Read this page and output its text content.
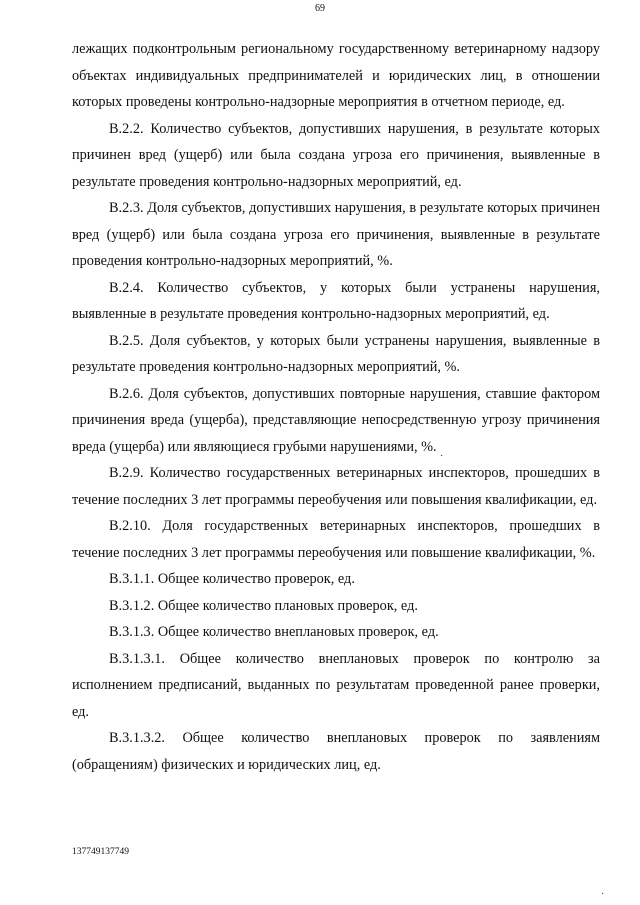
69

лежащих подконтрольным региональному государственному ветеринарному надзору объектах индивидуальных предпринимателей и юридических лиц, в отношении которых проведены контрольно-надзорные мероприятия в отчетном периоде, ед.

B.2.2. Количество субъектов, допустивших нарушения, в результате которых причинен вред (ущерб) или была создана угроза его причинения, выявленные в результате проведения контрольно-надзорных мероприятий, ед.

B.2.3. Доля субъектов, допустивших нарушения, в результате которых причинен вред (ущерб) или была создана угроза его причинения, выявленные в результате проведения контрольно-надзорных мероприятий, %.

B.2.4. Количество субъектов, у которых были устранены нарушения, выявленные в результате проведения контрольно-надзорных мероприятий, ед.

B.2.5. Доля субъектов, у которых были устранены нарушения, выявленные в результате проведения контрольно-надзорных мероприятий, %.

B.2.6. Доля субъектов, допустивших повторные нарушения, ставшие фактором причинения вреда (ущерба), представляющие непосредственную угрозу причинения вреда (ущерба) или являющиеся грубыми нарушениями, %.

B.2.9. Количество государственных ветеринарных инспекторов, прошедших в течение последних 3 лет программы переобучения или повышения квалификации, ед.

B.2.10. Доля государственных ветеринарных инспекторов, прошедших в течение последних 3 лет программы переобучения или повышение квалификации, %.

B.3.1.1. Общее количество проверок, ед.

B.3.1.2. Общее количество плановых проверок, ед.

B.3.1.3. Общее количество внеплановых проверок, ед.

B.3.1.3.1. Общее количество внеплановых проверок по контролю за исполнением предписаний, выданных по результатам проведенной ранее проверки, ед.

B.3.1.3.2. Общее количество внеплановых проверок по заявлениям (обращениям) физических и юридических лиц, ед.

137749137749
·
·
